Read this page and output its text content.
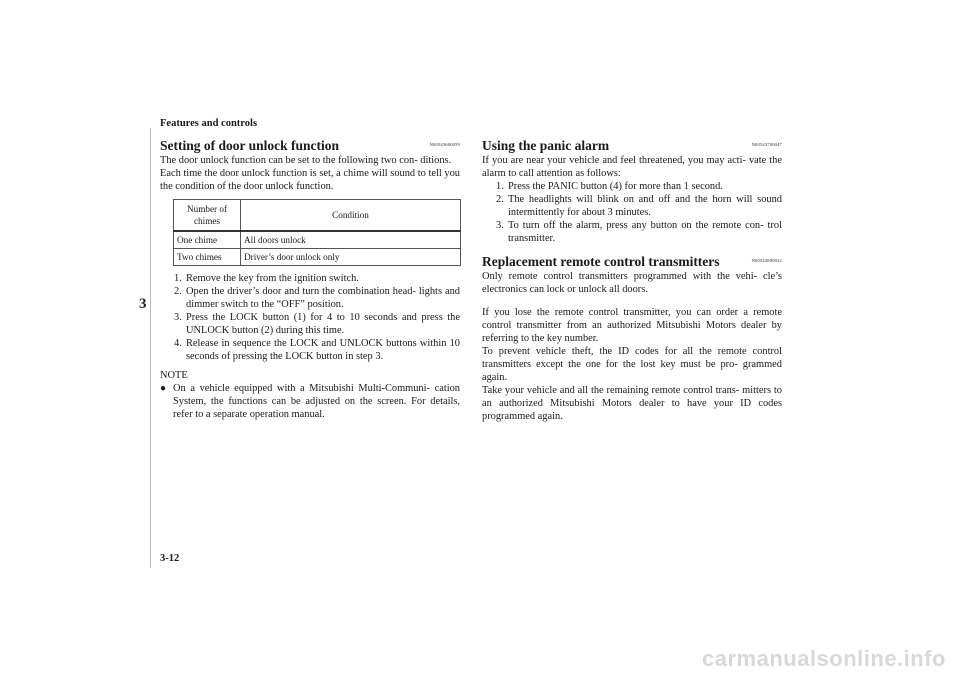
Features and controls
3
Setting of door unlock function	N00543600059

The door unlock function can be set to the following two con- ditions.

Each time the door unlock function is set, a chime will sound to tell you the condition of the door unlock function.

Number of chimes	Condition
One chime	All doors unlock
Two chimes	Driver’s door unlock only
1. Remove the key from the ignition switch.
2. Open the driver’s door and turn the combination head- lights and dimmer switch to the “OFF” position.
3. Press the LOCK button (1) for 4 to 10 seconds and press the UNLOCK button (2) during this time.
4. Release in sequence the LOCK and UNLOCK buttons within 10 seconds of pressing the LOCK button in step 3.
NOTE
● On a vehicle equipped with a Mitsubishi Multi-Communi- cation System, the functions can be adjusted on the screen. For details, refer to a separate operation manual.
Using the panic alarm	N00543700047

If you are near your vehicle and feel threatened, you may acti- vate the alarm to call attention as follows:

1. Press the PANIC button (4) for more than 1 second.
2. The headlights will blink on and off and the horn will sound intermittently for about 3 minutes.
3. To turn off the alarm, press any button on the remote con- trol transmitter.
Replacement remote control transmitters	N00543800022

Only remote control transmitters programmed with the vehi- cle’s electronics can lock or unlock all doors.

If you lose the remote control transmitter, you can order a remote control transmitter from an authorized Mitsubishi Motors dealer by referring to the key number.

To prevent vehicle theft, the ID codes for all the remote control transmitters except the one for the lost key must be pro- grammed again.

Take your vehicle and all the remaining remote control trans- mitters to an authorized Mitsubishi Motors dealer to have your ID codes programmed again.

3-12
carmanualsonline.info
